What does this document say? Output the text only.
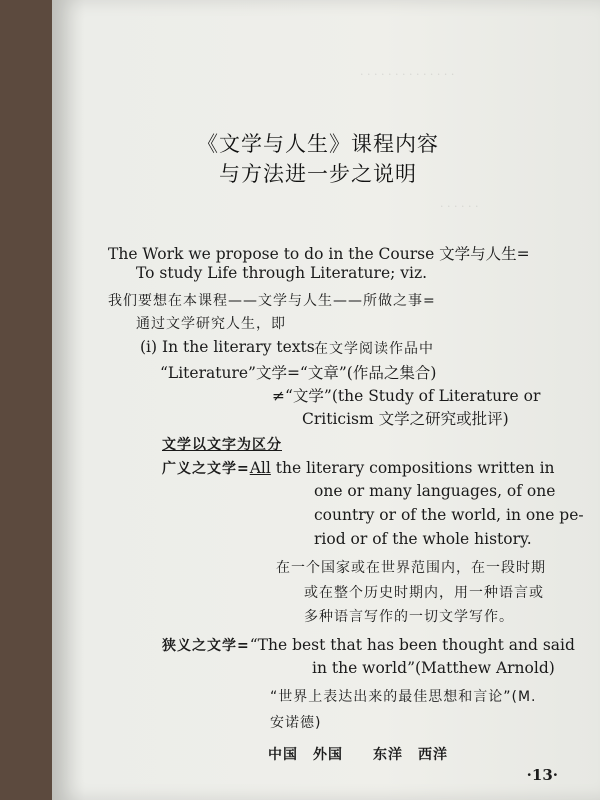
· · · · · · · · · · · · · ·
· · · · · ·
《文学与人生》课程内容
与方法进一步之说明
The Work we propose to do in the Course 文学与人生=
To study Life through Literature; viz.
我们要想在本课程——文学与人生——所做之事=
通过文学研究人生，即
(i) In the literary texts 在文学阅读作品中
“Literature”文学=“文章”(作品之集合)
≠“文学”(the Study of Literature or
Criticism 文学之研究或批评)
文学以文字为区分
广义之文学=All the literary compositions written in
one or many languages, of one
country or of the world, in one pe-
riod or of the whole history.
在一个国家或在世界范围内，在一段时期
或在整个历史时期内，用一种语言或
多种语言写作的一切文学写作。
狭义之文学=“The best that has been thought and said
in the world”(Matthew Arnold)
“世界上表达出来的最佳思想和言论”(M.
安诺德)
中国　外国　　东洋　西洋
·13·
